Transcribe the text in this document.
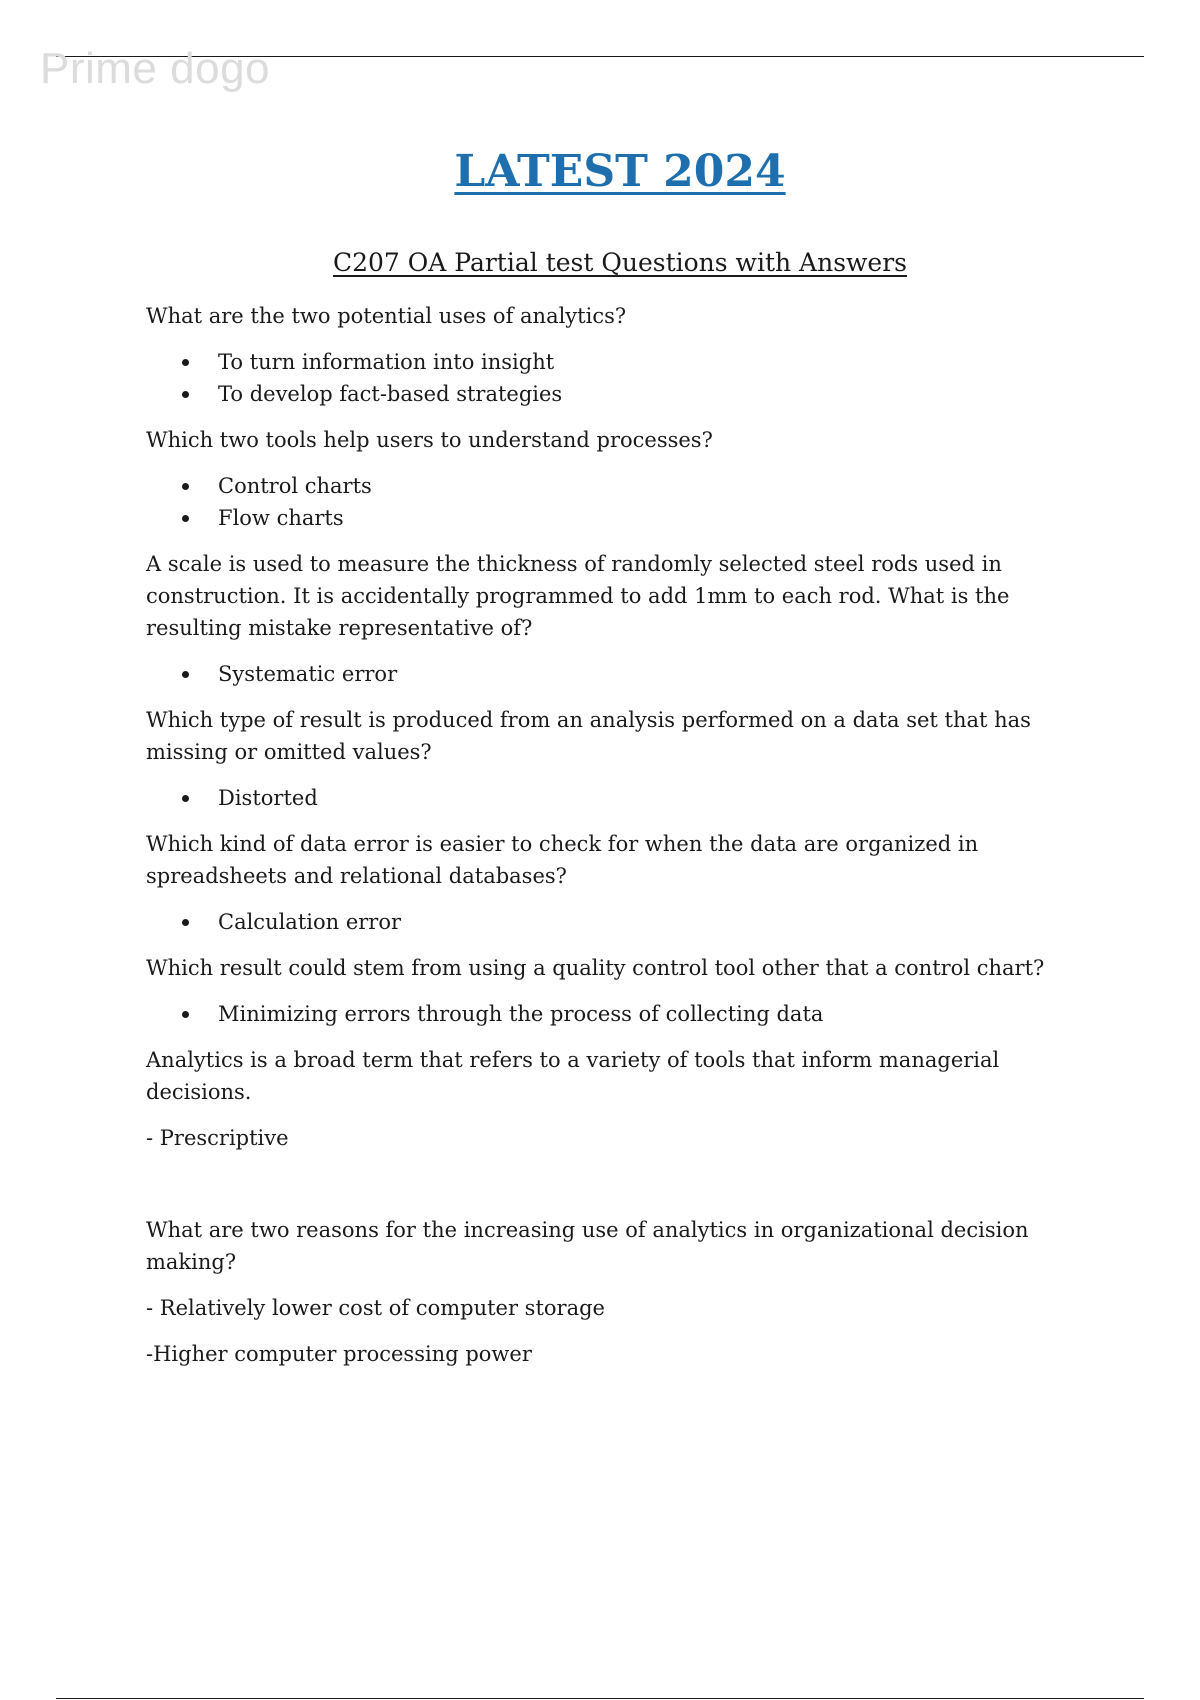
Prime dogo
LATEST 2024
C207 OA Partial test Questions with Answers

What are the two potential uses of analytics?

To turn information into insight
To develop fact-based strategies

Which two tools help users to understand processes?

Control charts
Flow charts

A scale is used to measure the thickness of randomly selected steel rods used in construction. It is accidentally programmed to add 1mm to each rod. What is the resulting mistake representative of?

Systematic error

Which type of result is produced from an analysis performed on a data set that has missing or omitted values?

Distorted

Which kind of data error is easier to check for when the data are organized in spreadsheets and relational databases?

Calculation error

Which result could stem from using a quality control tool other that a control chart?

Minimizing errors through the process of collecting data

Analytics is a broad term that refers to a variety of tools that inform managerial decisions.

- Prescriptive

What are two reasons for the increasing use of analytics in organizational decision making?

- Relatively lower cost of computer storage

-Higher computer processing power
